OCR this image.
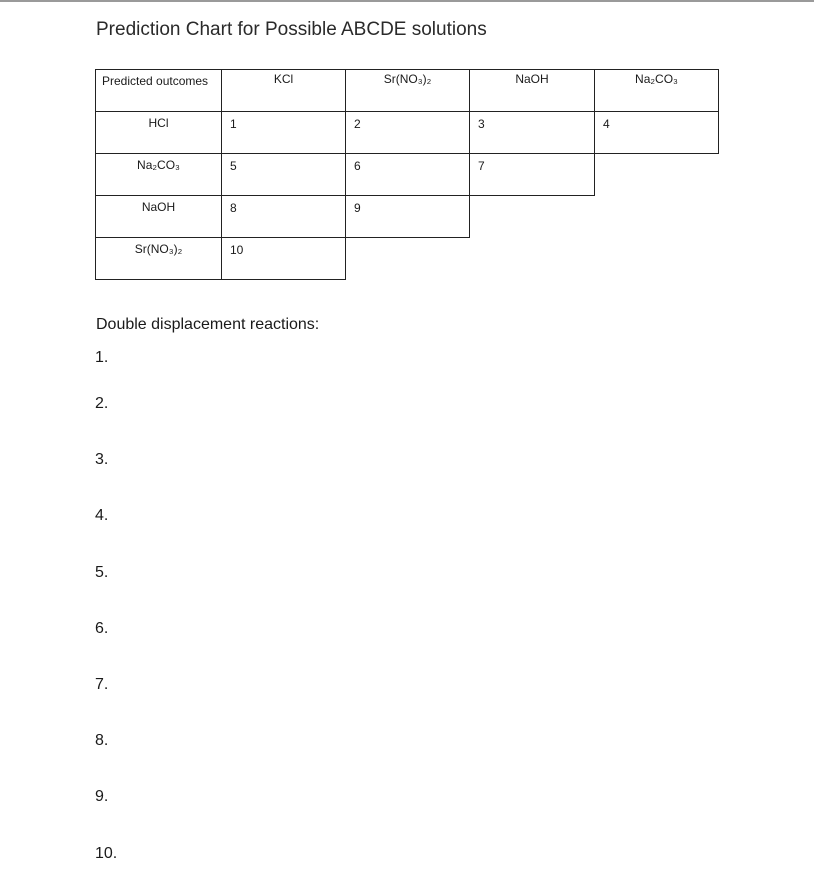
Prediction Chart for Possible ABCDE solutions
Predicted outcomes	KCl	Sr(NO₃)₂	NaOH	Na₂CO₃
HCl	1	2	3	4
Na₂CO₃	5	6	7
NaOH	8	9
Sr(NO₃)₂	10
Double displacement reactions:
1.
2.
3.
4.
5.
6.
7.
8.
9.
10.
